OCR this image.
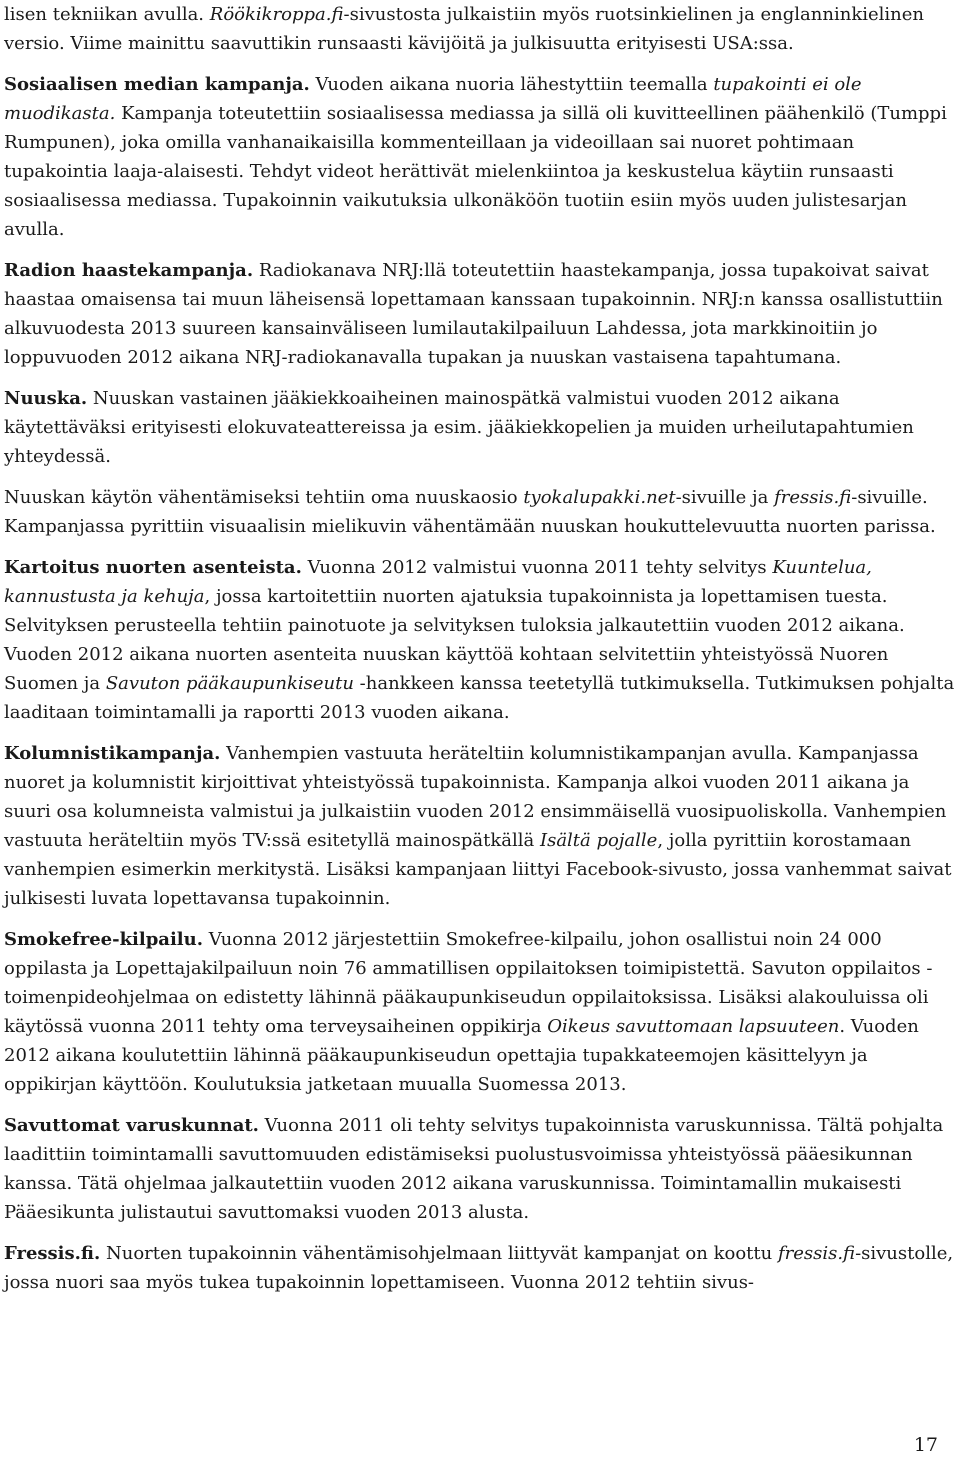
lisen tekniikan avulla. Röökikroppa.fi-sivustosta julkaistiin myös ruotsinkielinen ja englanninkielinen versio. Viime mainittu saavuttikin runsaasti kävijöitä ja julkisuutta erityisesti USA:ssa.

Sosiaalisen median kampanja. Vuoden aikana nuoria lähestyttiin teemalla tupakointi ei ole muodikasta. Kampanja toteutettiin sosiaalisessa mediassa ja sillä oli kuvitteellinen päähenkilö (Tumppi Rumpunen), joka omilla vanhanaikaisilla kommenteillaan ja videoillaan sai nuoret pohtimaan tupakointia laaja-alaisesti. Tehdyt videot herättivät mielenkiintoa ja keskustelua käytiin runsaasti sosiaalisessa mediassa. Tupakoinnin vaikutuksia ulkonäköön tuotiin esiin myös uuden julistesarjan avulla.

Radion haastekampanja. Radiokanava NRJ:llä toteutettiin haastekampanja, jossa tupakoivat saivat haastaa omaisensa tai muun läheisensä lopettamaan kanssaan tupakoinnin. NRJ:n kanssa osallistuttiin alkuvuodesta 2013 suureen kansainväliseen lumilautakilpailuun Lahdessa, jota markkinoitiin jo loppuvuoden 2012 aikana NRJ-radiokanavalla tupakan ja nuuskan vastaisena tapahtumana.

Nuuska. Nuuskan vastainen jääkiekkoaiheinen mainospätkä valmistui vuoden 2012 aikana käytettäväksi erityisesti elokuvateattereissa ja esim. jääkiekkopelien ja muiden urheilutapahtumien yhteydessä.

Nuuskan käytön vähentämiseksi tehtiin oma nuuskaosio tyokalupakki.net-sivuille ja fressis.fi-sivuille. Kampanjassa pyrittiin visuaalisin mielikuvin vähentämään nuuskan houkuttelevuutta nuorten parissa.

Kartoitus nuorten asenteista. Vuonna 2012 valmistui vuonna 2011 tehty selvitys Kuuntelua, kannustusta ja kehuja, jossa kartoitettiin nuorten ajatuksia tupakoinnista ja lopettamisen tuesta. Selvityksen perusteella tehtiin painotuote ja selvityksen tuloksia jalkautettiin vuoden 2012 aikana. Vuoden 2012 aikana nuorten asenteita nuuskan käyttöä kohtaan selvitettiin yhteistyössä Nuoren Suomen ja Savuton pääkaupunkiseutu -hankkeen kanssa teetetyllä tutkimuksella. Tutkimuksen pohjalta laaditaan toimintamalli ja raportti 2013 vuoden aikana.

Kolumnistikampanja. Vanhempien vastuuta heräteltiin kolumnistikampanjan avulla. Kampanjassa nuoret ja kolumnistit kirjoittivat yhteistyössä tupakoinnista. Kampanja alkoi vuoden 2011 aikana ja suuri osa kolumneista valmistui ja julkaistiin vuoden 2012 ensimmäisellä vuosipuoliskolla. Vanhempien vastuuta heräteltiin myös TV:ssä esitetyllä mainospätkällä Isältä pojalle, jolla pyrittiin korostamaan vanhempien esimerkin merkitystä. Lisäksi kampanjaan liittyi Facebook-sivusto, jossa vanhemmat saivat julkisesti luvata lopettavansa tupakoinnin.

Smokefree-kilpailu. Vuonna 2012 järjestettiin Smokefree-kilpailu, johon osallistui noin 24 000 oppilasta ja Lopettajakilpailuun noin 76 ammatillisen oppilaitoksen toimipistettä. Savuton oppilaitos -toimenpideohjelmaa on edistetty lähinnä pääkaupunkiseudun oppilaitoksissa. Lisäksi alakouluissa oli käytössä vuonna 2011 tehty oma terveysaiheinen oppikirja Oikeus savuttomaan lapsuuteen. Vuoden 2012 aikana koulutettiin lähinnä pääkaupunkiseudun opettajia tupakkateemojen käsittelyyn ja oppikirjan käyttöön. Koulutuksia jatketaan muualla Suomessa 2013.

Savuttomat varuskunnat. Vuonna 2011 oli tehty selvitys tupakoinnista varuskunnissa. Tältä pohjalta laadittiin toimintamalli savuttomuuden edistämiseksi puolustusvoimissa yhteistyössä pääesikunnan kanssa. Tätä ohjelmaa jalkautettiin vuoden 2012 aikana varuskunnissa. Toimintamallin mukaisesti Pääesikunta julistautui savuttomaksi vuoden 2013 alusta.

Fressis.fi. Nuorten tupakoinnin vähentämisohjelmaan liittyvät kampanjat on koottu fressis.fi-sivustolle, jossa nuori saa myös tukea tupakoinnin lopettamiseen. Vuonna 2012 tehtiin sivus-

17
